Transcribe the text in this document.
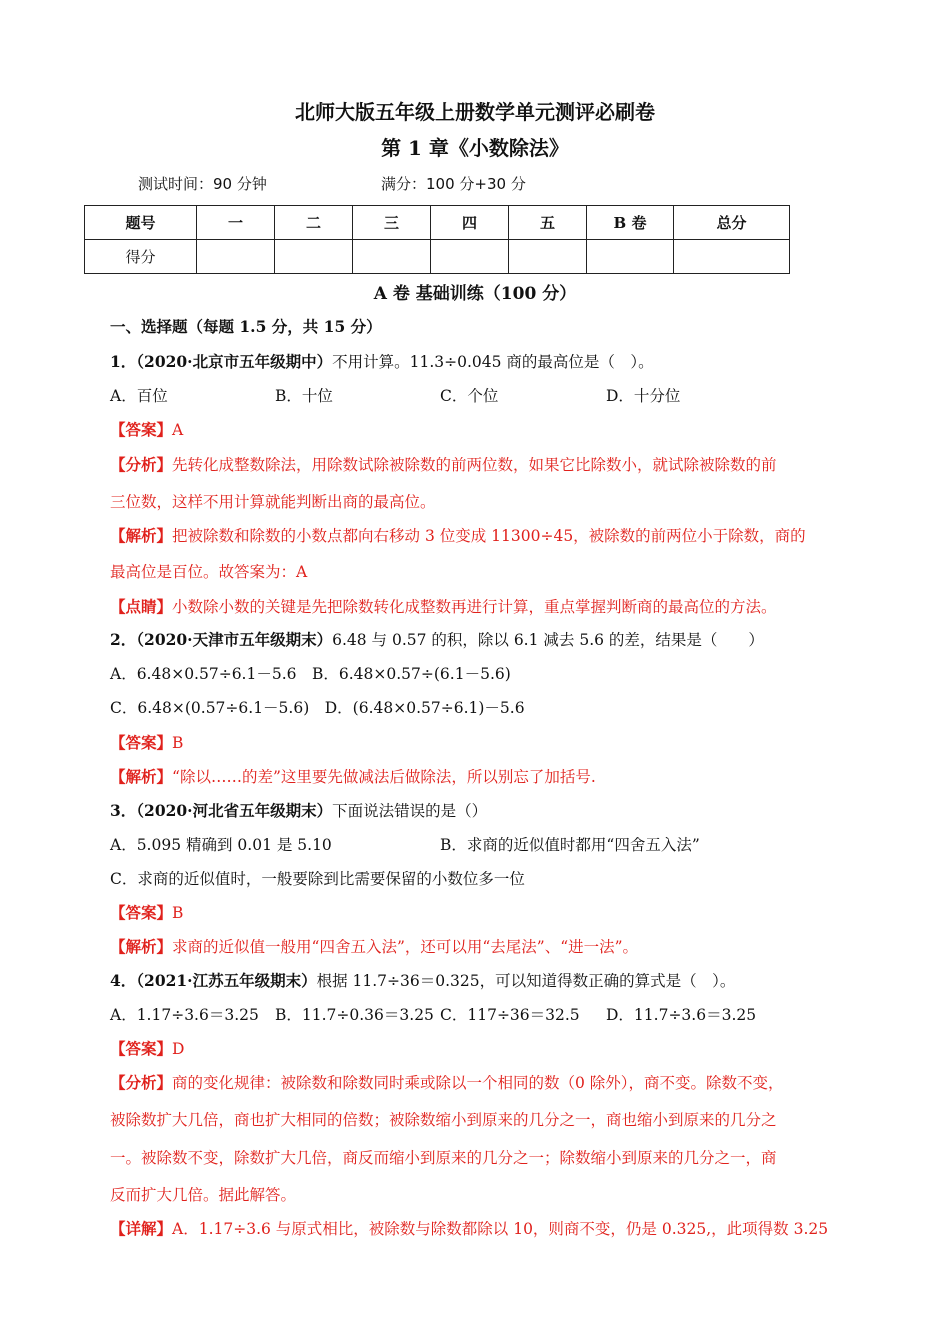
北师大版五年级上册数学单元测评必刷卷
第 1 章《小数除法》
测试时间：90 分钟	满分：100 分+30 分
题号	一	二	三	四	五	B 卷	总分
得分							
A 卷 基础训练（100 分）
一、选择题（每题 1.5 分，共 15 分）
1．（2020·北京市五年级期中）不用计算。11.3÷0.045 商的最高位是（　）。
A．百位	B．十位	C．个位	D．十分位
【答案】A
【分析】先转化成整数除法，用除数试除被除数的前两位数，如果它比除数小，就试除被除数的前
三位数，这样不用计算就能判断出商的最高位。
【解析】把被除数和除数的小数点都向右移动 3 位变成 11300÷45，被除数的前两位小于除数，商的
最高位是百位。故答案为：A
【点睛】小数除小数的关键是先把除数转化成整数再进行计算，重点掌握判断商的最高位的方法。
2．（2020·天津市五年级期末）6.48 与 0.57 的积，除以 6.1 减去 5.6 的差，结果是（　　）
A．6.48×0.57÷6.1－5.6　B．6.48×0.57÷(6.1－5.6)
C．6.48×(0.57÷6.1－5.6)　D．(6.48×0.57÷6.1)－5.6
【答案】B
【解析】“除以……的差”这里要先做减法后做除法，所以别忘了加括号.
3．（2020·河北省五年级期末）下面说法错误的是（）
A．5.095 精确到 0.01 是 5.10	B．求商的近似值时都用“四舍五入法”
C．求商的近似值时，一般要除到比需要保留的小数位多一位
【答案】B
【解析】求商的近似值一般用“四舍五入法”，还可以用“去尾法”、“进一法”。
4．（2021·江苏五年级期末）根据 11.7÷36＝0.325，可以知道得数正确的算式是（　）。
A．1.17÷3.6＝3.25 B．11.7÷0.36＝3.25 C．117÷36＝32.5 D．11.7÷3.6＝3.25
【答案】D
【分析】商的变化规律：被除数和除数同时乘或除以一个相同的数（0 除外），商不变。除数不变，
被除数扩大几倍，商也扩大相同的倍数；被除数缩小到原来的几分之一，商也缩小到原来的几分之
一。被除数不变，除数扩大几倍，商反而缩小到原来的几分之一；除数缩小到原来的几分之一，商
反而扩大几倍。据此解答。
【详解】A．1.17÷3.6 与原式相比，被除数与除数都除以 10，则商不变，仍是 0.325,，此项得数 3.25
